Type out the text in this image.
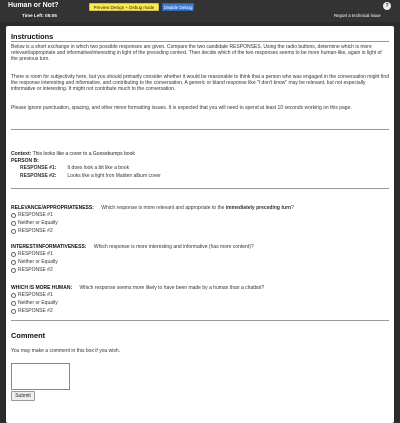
Human or Not?
Time Left: 05:05
Preview Design + Debug mode	Disable Debug	?
Report a technical issue
Instructions
Below is a short exchange in which two possible responses are given. Compare the two candidate RESPONSES. Using the radio buttons, determine which is more relevant/appropriate and informative/interesting in light of the preceding context. Then decide which of the two responses seems to be more human-like, again in light of the previous turn.
There is room for subjectivity here, but you should primarily consider whether it would be reasonable to think that a person who was engaged in the conversation might find the response interesting and informative, and contributing to the conversation. A generic or bland response like "I don't know" may be relevant, but not especially informative or interesting. It might not contribute much to the conversation.
Please ignore punctuation, spacing, and other minor formatting issues. It is expected that you will need to spend at least 10 seconds working on this page.
Context: This looks like a cover to a Goosebumps book
PERSON B:
RESPONSE #1: It does look a bit like a book
RESPONSE #2: Looks like a light Iron Maiden album cover
RELEVANCE/APPROPRIATENESS: Which response is more relevant and appropriate to the immediately preceding turn?
RESPONSE #1
Neither or Equally
RESPONSE #2
INTEREST/INFORMATIVENESS: Which response is more interesting and informative (has more content)?
RESPONSE #1
Neither or Equally
RESPONSE #2
WHICH IS MORE HUMAN: Which response seems more likely to have been made by a human than a chatbot?
RESPONSE #1
Neither or Equally
RESPONSE #2
Comment
You may make a comment in this box if you wish.
Submit
